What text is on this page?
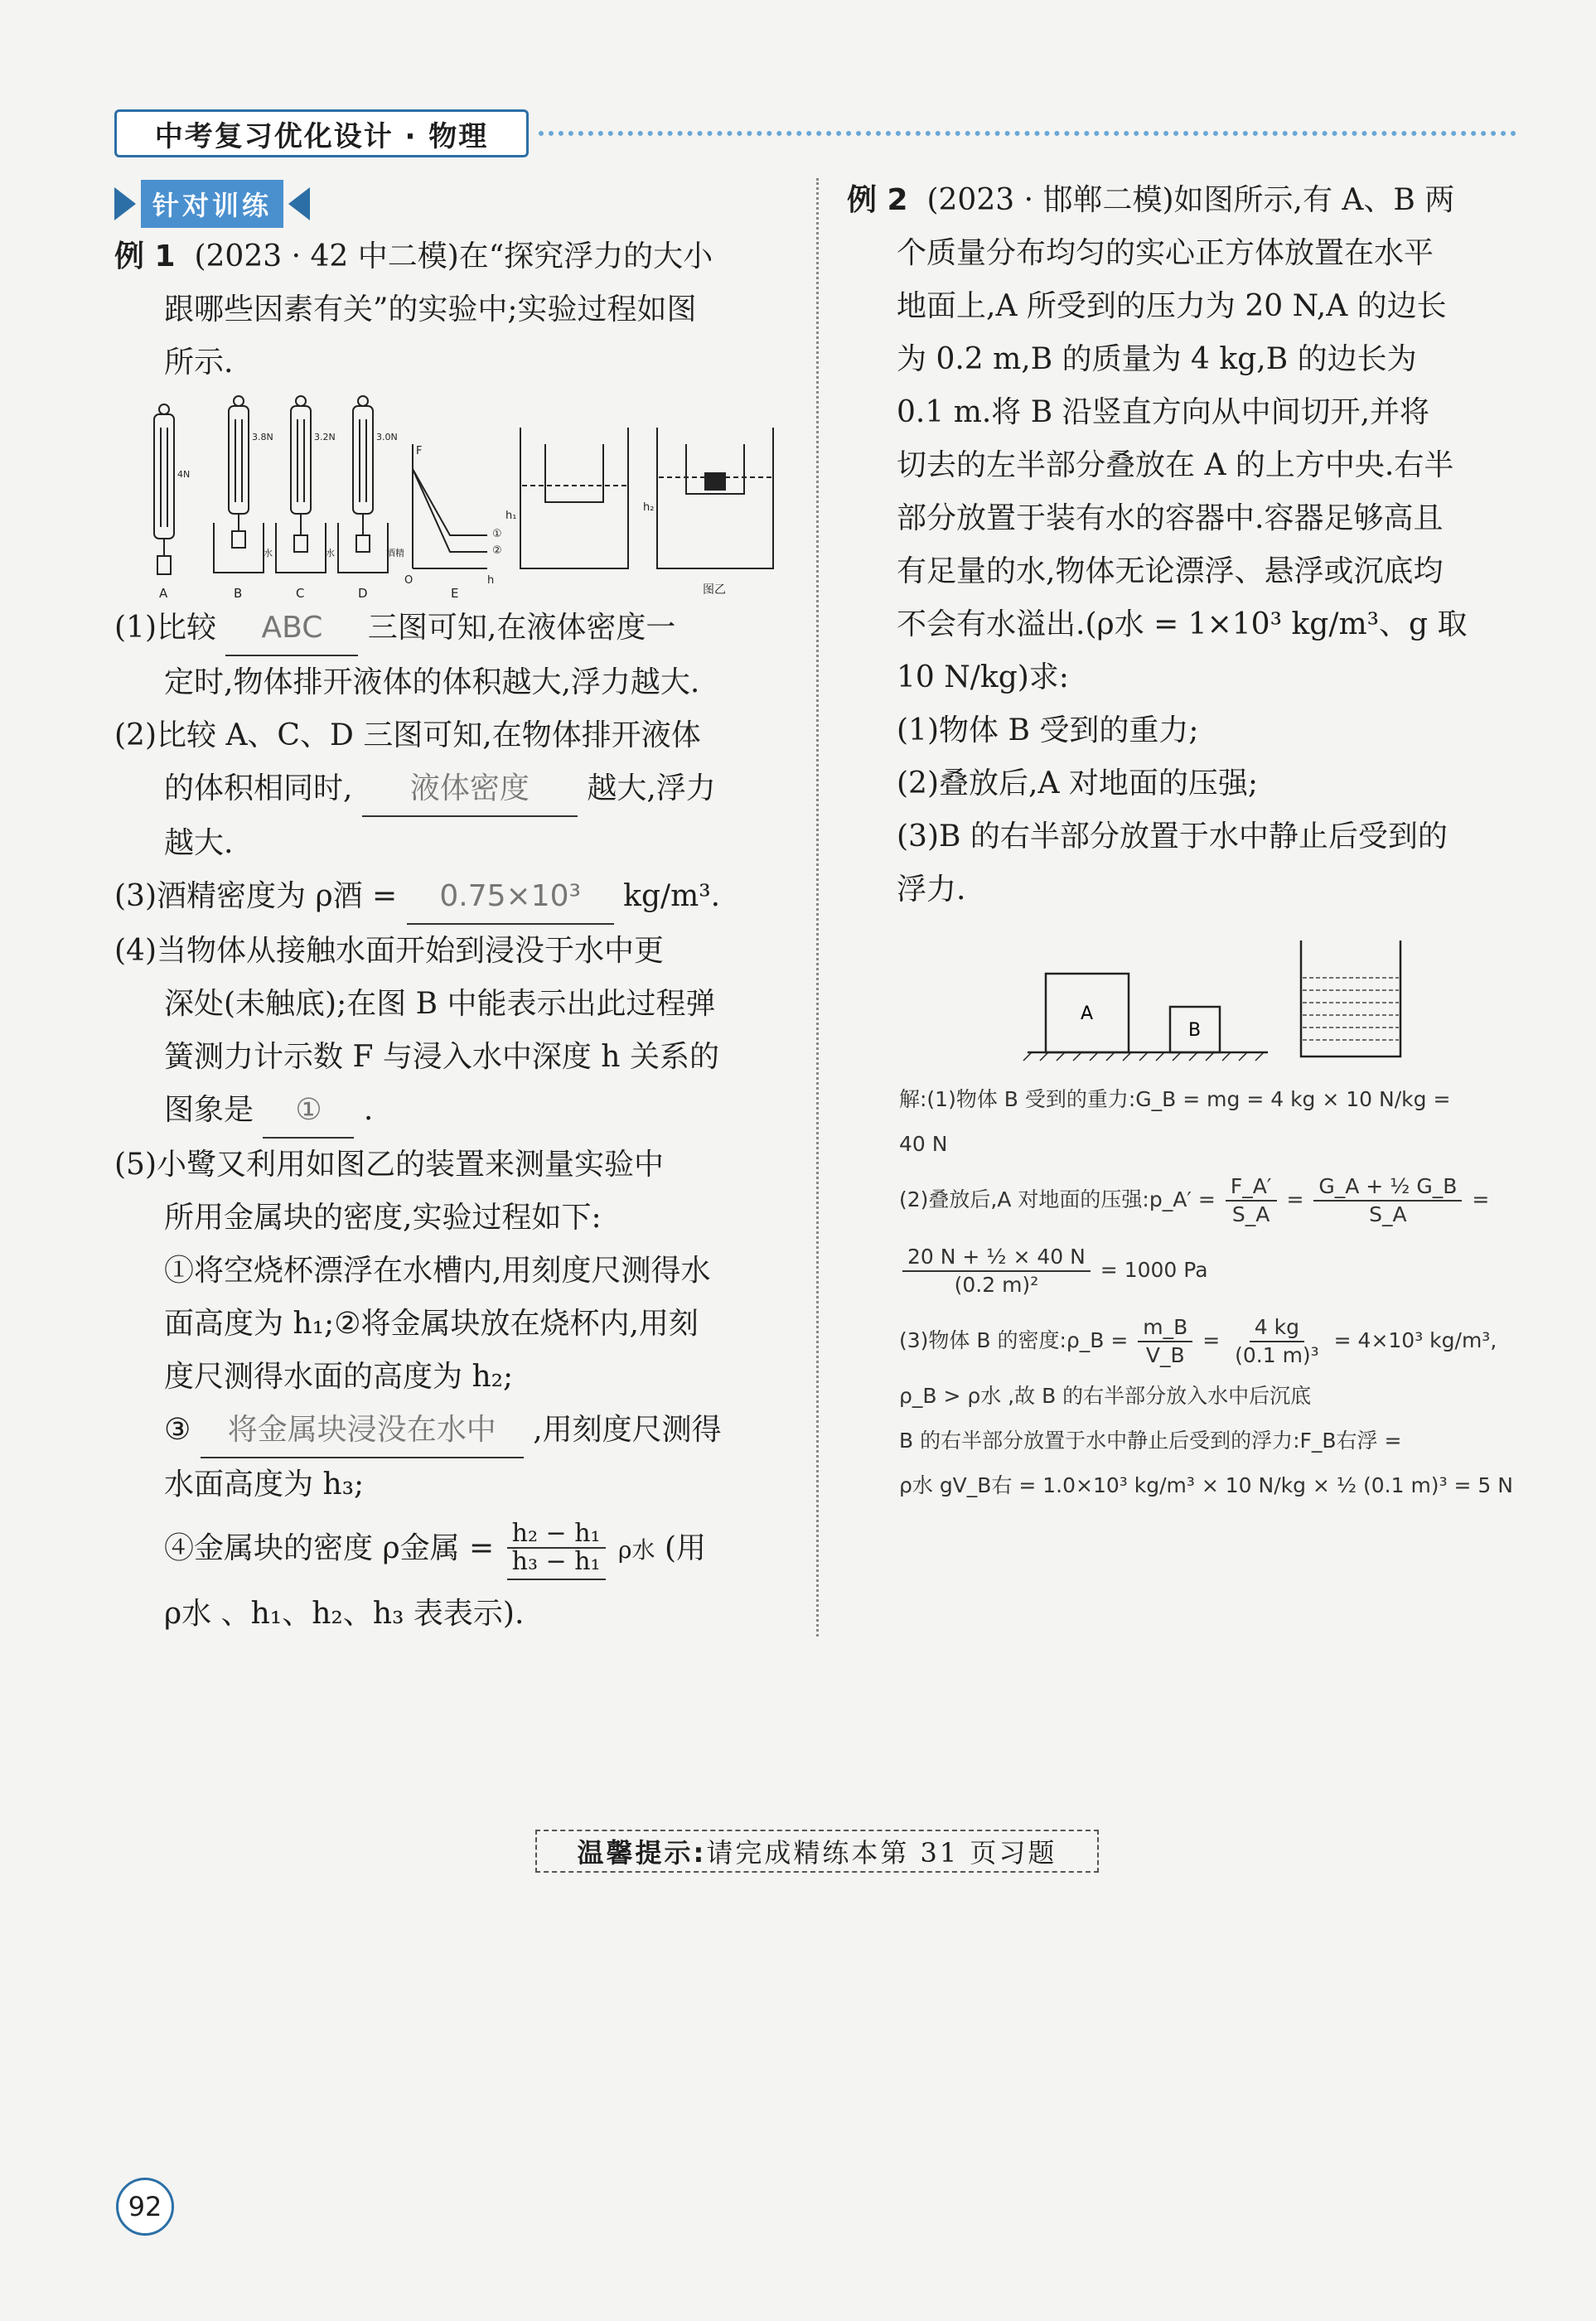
中考复习优化设计 · 物理
针对训练

例 1 (2023 · 42 中二模)在“探究浮力的大小

跟哪些因素有关”的实验中;实验过程如图

所示.

A	B	C	D	E
4N
3.8N	3.2N	3.0N
水	水	酒精
F
h
O
①
②
h₁
h₂
图乙

(1)比较 ABC 三图可知,在液体密度一

定时,物体排开液体的体积越大,浮力越大.

(2)比较 A、C、D 三图可知,在物体排开液体

的体积相同时, 液体密度 越大,浮力

越大.

(3)酒精密度为 ρ酒 = 0.75×10³ kg/m³.

(4)当物体从接触水面开始到浸没于水中更

深处(未触底);在图 B 中能表示出此过程弹

簧测力计示数 F 与浸入水中深度 h 关系的

图象是 ① .

(5)小鹭又利用如图乙的装置来测量实验中

所用金属块的密度,实验过程如下:

①将空烧杯漂浮在水槽内,用刻度尺测得水

面高度为 h₁;②将金属块放在烧杯内,用刻

度尺测得水面的高度为 h₂;

③ 将金属块浸没在水中 ,用刻度尺测得

水面高度为 h₃;

④金属块的密度 ρ金属 = $\frac{\text{h₂ − h₁}}{\text{h₃ − h₁}}$ ρ水 (用

ρ水 、h₁、h₂、h₃ 表表示).

例 2 (2023 · 邯郸二模)如图所示,有 A、B 两

个质量分布均匀的实心正方体放置在水平

地面上,A 所受到的压力为 20 N,A 的边长

为 0.2 m,B 的质量为 4 kg,B 的边长为

0.1 m.将 B 沿竖直方向从中间切开,并将

切去的左半部分叠放在 A 的上方中央.右半

部分放置于装有水的容器中.容器足够高且

有足量的水,物体无论漂浮、悬浮或沉底均

不会有水溢出.(ρ水 = 1×10³ kg/m³、g 取

10 N/kg)求:

(1)物体 B 受到的重力;

(2)叠放后,A 对地面的压强;

(3)B 的右半部分放置于水中静止后受到的

浮力.

A
B

解:(1)物体 B 受到的重力:G_B = mg = 4 kg × 10 N/kg =

40 N

(2)叠放后,A 对地面的压强:p_A′ = $\frac{F\_A'}{S\_A} = \frac{\text{G\_A + ½ G\_B}}{S\_A}$ =

$\frac{\text{20 N + ½ × 40 N}}{\text{(0.2 m)²}} = 1000$ Pa

(3)物体 B 的密度:ρ_B = $\frac{m\_B}{V\_B} = \frac{4 kg}{\text{(0.1 m)³}} = 4\times 10^3$ kg/m³,

ρ_B > ρ水 ,故 B 的右半部分放入水中后沉底

B 的右半部分放置于水中静止后受到的浮力:F_B右浮 =

ρ水 gV_B右 = 1.0×10³ kg/m³ × 10 N/kg × ½ (0.1 m)³ = 5 N

温馨提示: 请完成精练本第 31 页习题
92
